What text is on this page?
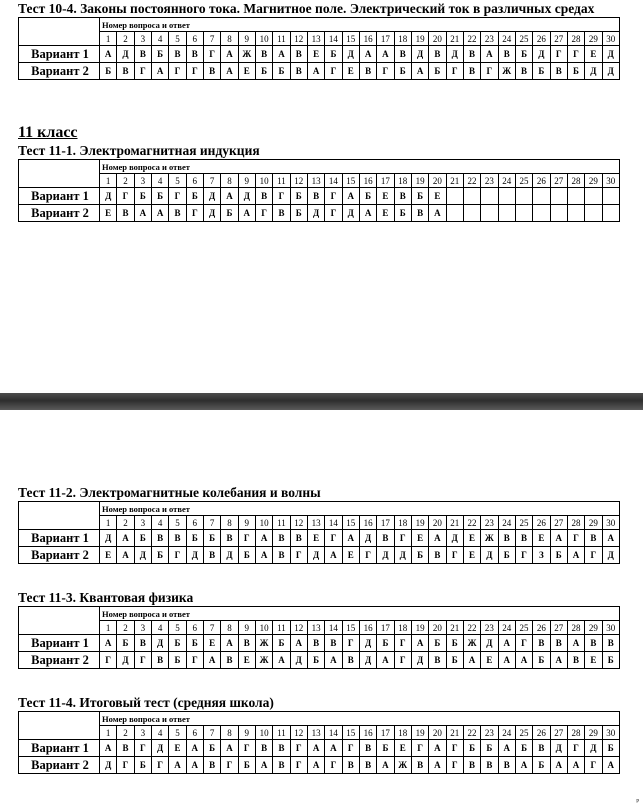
Тест 10-4. Законы постоянного тока. Магнитное поле. Электрический ток в различных средах

	Номер вопроса и ответ																													
	1	2	3	4	5	6	7	8	9	10	11	12	13	14	15	16	17	18	19	20	21	22	23	24	25	26	27	28	29	30
Вариант 1	А	Д	В	Б	В	В	Г	А	Ж	В	А	В	Е	Б	Д	А	А	В	Д	В	Д	В	А	В	Б	Д	Г	Г	Е	Д
Вариант 2	Б	В	Г	А	Г	Г	В	А	Е	Б	Б	В	А	Г	Е	В	Г	Б	А	Б	Г	В	Г	Ж	В	Б	В	Б	Д	Д
11 класс

Тест 11-1. Электромагнитная индукция

	Номер вопроса и ответ																													
	1	2	3	4	5	6	7	8	9	10	11	12	13	14	15	16	17	18	19	20	21	22	23	24	25	26	27	28	29	30
Вариант 1	Д	Г	Б	Б	Г	Б	Д	А	Д	В	Г	Б	В	Г	А	Б	Е	В	Б	Е										
Вариант 2	Е	В	А	А	В	Г	Д	Б	А	Г	В	Б	Д	Г	Д	А	Е	Б	В	А										

Тест 11-2. Электромагнитные колебания и волны

	Номер вопроса и ответ																													
	1	2	3	4	5	6	7	8	9	10	11	12	13	14	15	16	17	18	19	20	21	22	23	24	25	26	27	28	29	30
Вариант 1	Д	А	Б	В	В	Б	Б	В	Г	А	В	В	Е	Г	А	Д	В	Г	Е	А	Д	Е	Ж	В	В	Е	А	Г	В	А
Вариант 2	Е	А	Д	Б	Г	Д	В	Д	Б	А	В	Г	Д	А	Е	Г	Д	Д	Б	В	Г	Е	Д	Б	Г	З	Б	А	Г	Д

Тест 11-3. Квантовая физика

	Номер вопроса и ответ																													
	1	2	3	4	5	6	7	8	9	10	11	12	13	14	15	16	17	18	19	20	21	22	23	24	25	26	27	28	29	30
Вариант 1	А	Б	В	Д	Б	Б	Е	А	В	Ж	Б	А	В	В	Г	Д	Б	Г	А	Б	Б	Ж	Д	А	Г	В	В	А	В	В
Вариант 2	Г	Д	Г	В	Б	Г	А	В	Е	Ж	А	Д	Б	А	В	Д	А	Г	Д	В	Б	А	Е	А	А	Б	А	В	Е	Б

Тест 11-4. Итоговый тест (средняя школа)

	Номер вопроса и ответ																													
	1	2	3	4	5	6	7	8	9	10	11	12	13	14	15	16	17	18	19	20	21	22	23	24	25	26	27	28	29	30
Вариант 1	А	В	Г	Д	Е	А	Б	А	Г	В	В	Г	А	А	Г	В	Б	Е	Г	А	Г	Б	Б	А	Б	В	Д	Г	Д	Б
Вариант 2	Д	Г	Б	Г	А	А	В	Г	Б	А	В	Г	А	Г	В	В	А	Ж	В	А	Г	В	В	В	А	Б	А	А	Г	А
ᵖ
